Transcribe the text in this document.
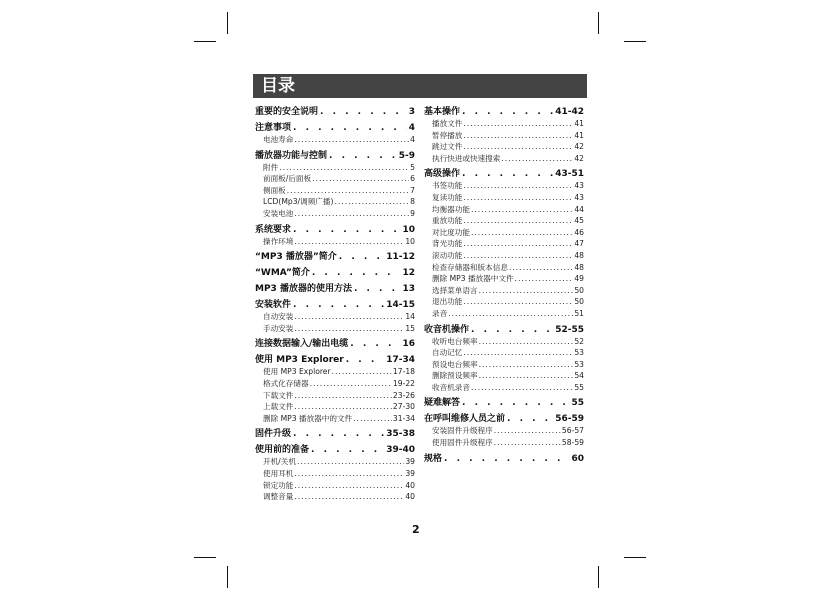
目录
重要的安全说明 . . .	3
注意事项 . . .	4
电池寿命 .....	4
播放器功能与控制 . . .	5-9
附件 .....	5
前面板/后面板 .....	6
侧面板 .....	7
LCD(Mp3/调频广播) .....	8
安装电池 .....	9
系统要求 . . .	10
操作环境 .....	10
“MP3 播放器”简介 . . .	11-12
“WMA”简介 . . .	12
MP3 播放器的使用方法 . . .	13
安装软件 . . .	14-15
自动安装 .....	14
手动安装 .....	15
连接数据输入/输出电缆 . . .	16
使用 MP3 Explorer . . .	17-34
使用 MP3 Explorer .....	17-18
格式化存储器 .....	19-22
下载文件 .....	23-26
上载文件 .....	27-30
删除 MP3 播放器中的文件 .....	31-34
固件升级 . . .	35-38
使用前的准备 . . .	39-40
开机/关机 .....	39
使用耳机 .....	39
锁定功能 .....	40
调整音量 .....	40
基本操作 . . .	41-42
播放文件 .....	41
暂停播放 .....	41
跳过文件 .....	42
执行快进或快速搜索 .....	42
高级操作 . . .	43-51
书签功能 .....	43
复读功能 .....	43
均衡器功能 .....	44
重放功能 .....	45
对比度功能 .....	46
背光功能 .....	47
滚动功能 .....	48
检查存储器和版本信息 .....	48
删除 MP3 播放器中文件 .....	49
选择菜单语言 .....	50
退出功能 .....	50
录音 .....	51
收音机操作 . . .	52-55
收听电台频率 .....	52
自动记忆 .....	53
预设电台频率 .....	53
删除预设频率 .....	54
收音机录音 .....	55
疑难解答 . . .	55
在呼叫维修人员之前 . . .	56-59
安装固件升级程序 .....	56-57
使用固件升级程序 .....	58-59
规格 . . .	60
2
